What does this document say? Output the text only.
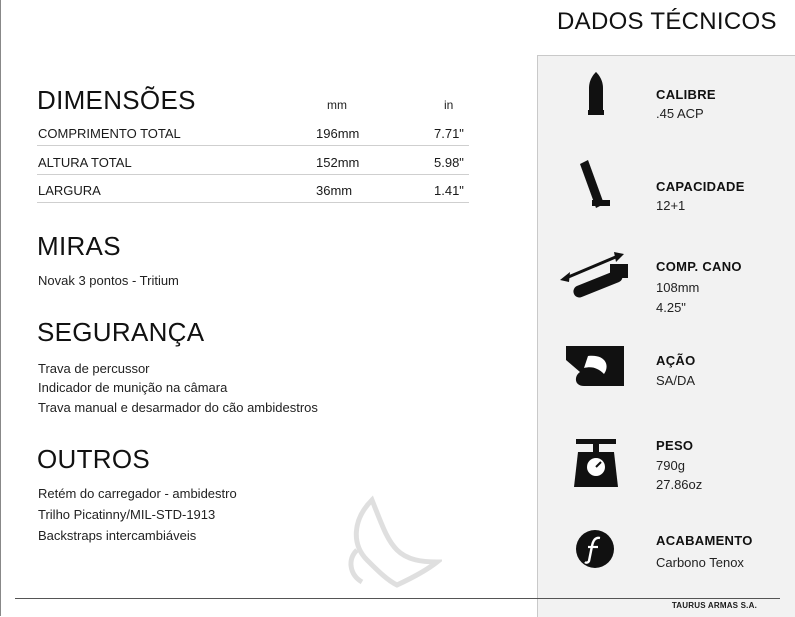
DIMENSÕES	mm	in
COMPRIMENTO TOTAL	196mm	7.71"
ALTURA TOTAL	152mm	5.98"
LARGURA	36mm	1.41"
MIRAS
Novak 3 pontos - Tritium
SEGURANÇA
Trava de percussor
Indicador de munição na câmara
Trava manual e desarmador do cão ambidestros
OUTROS
Retém do carregador - ambidestro
Trilho Picatinny/MIL-STD-1913
Backstraps intercambiáveis
DADOS TÉCNICOS
CALIBRE
.45 ACP
CAPACIDADE
12+1
COMP. CANO
108mm
4.25"
AÇÃO
SA/DA
PESO
790g
27.86oz
ACABAMENTO
Carbono Tenox
TAURUS ARMAS S.A.
